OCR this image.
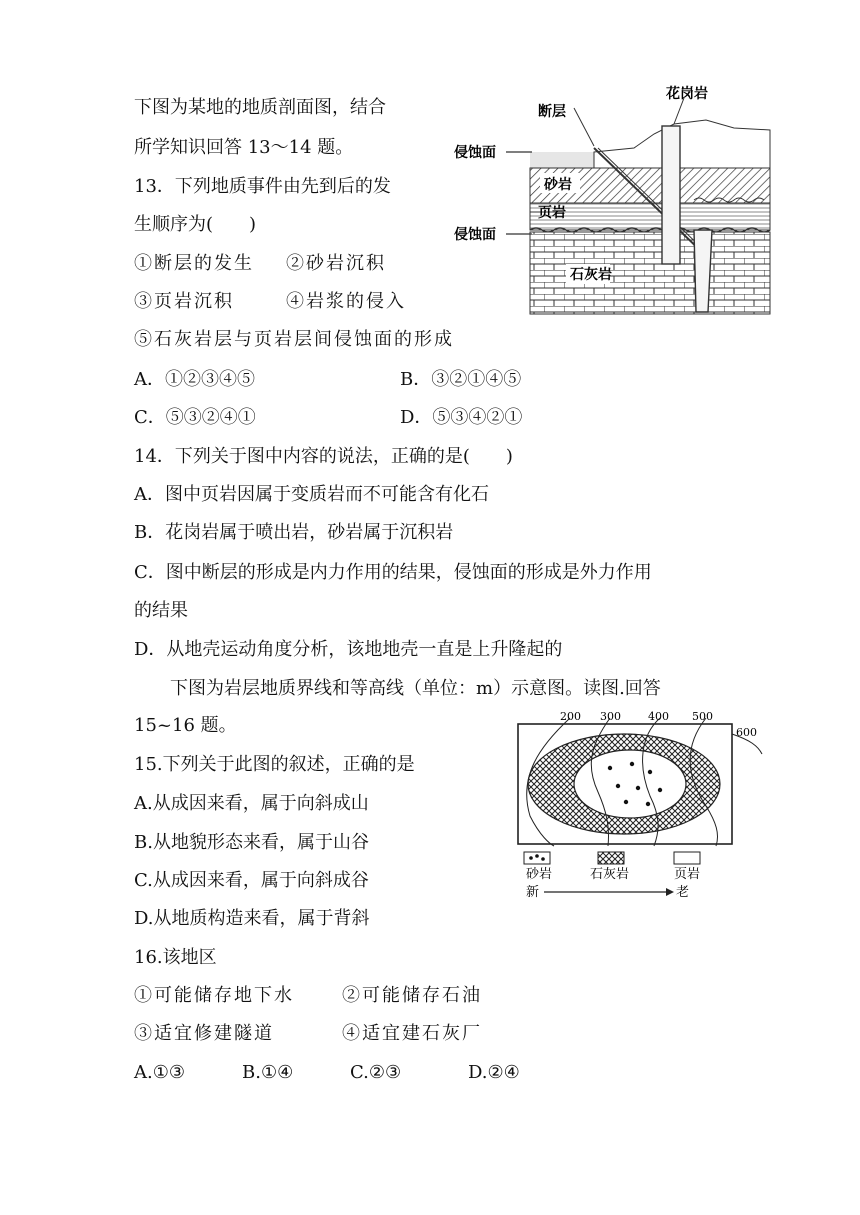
下图为某地的地质剖面图，结合
所学知识回答 13～14 题。
13．下列地质事件由先到后的发
生顺序为(　　)
①断层的发生 ②砂岩沉积
③页岩沉积	④岩浆的侵入
⑤石灰岩层与页岩层间侵蚀面的形成
A．①②③④⑤	B．③②①④⑤
C．⑤③②④①	D．⑤③④②①
14．下列关于图中内容的说法，正确的是(　　)
A．图中页岩因属于变质岩而不可能含有化石
B．花岗岩属于喷出岩，砂岩属于沉积岩
C．图中断层的形成是内力作用的结果，侵蚀面的形成是外力作用
的结果
D．从地壳运动角度分析，该地地壳一直是上升隆起的
下图为岩层地质界线和等高线（单位：m）示意图。读图.回答
15~16 题。
15.下列关于此图的叙述，正确的是
A.从成因来看，属于向斜成山
B.从地貌形态来看，属于山谷
C.从成因来看，属于向斜成谷
D.从地质构造来看，属于背斜
16.该地区
①可能储存地下水	②可能储存石油
③适宜修建隧道	④适宜建石灰厂
A.①③	B.①④	C.②③	D.②④
花岗岩
断层
侵蚀面
砂岩
页岩
侵蚀面
石灰岩
200 300 400 500
600
砂岩	石灰岩	页岩
新	老
